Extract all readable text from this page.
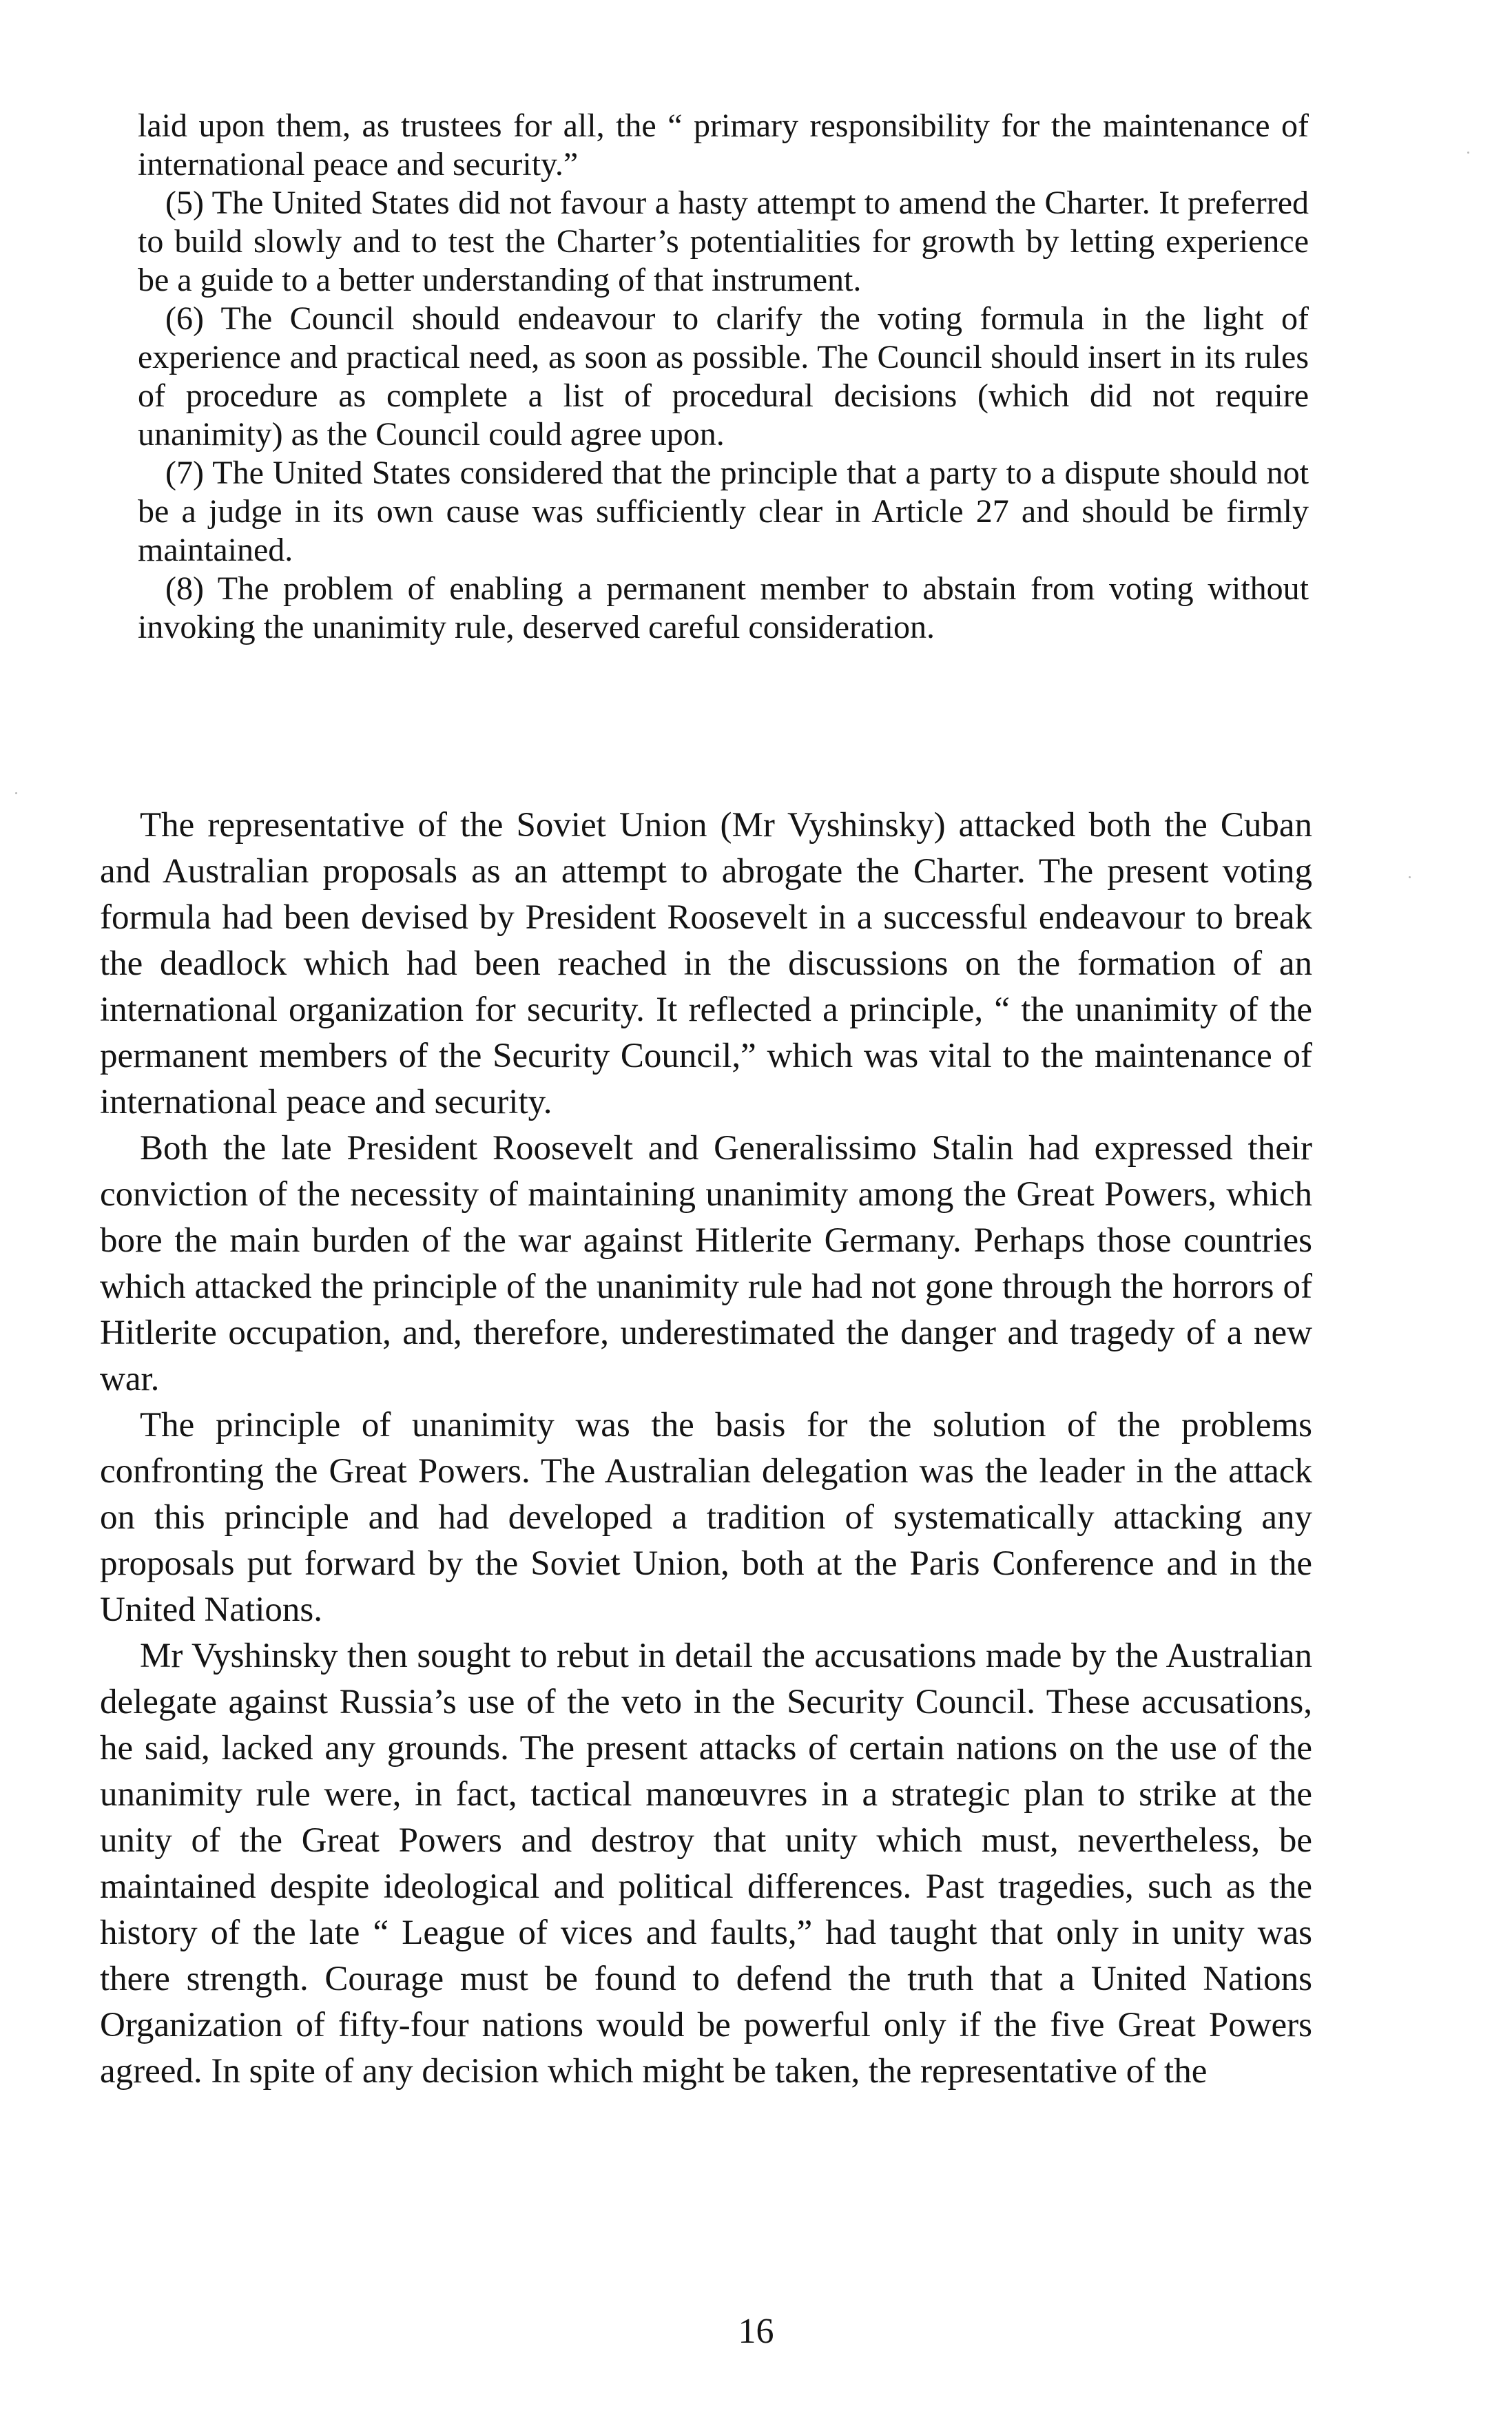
laid upon them, as trustees for all, the “ primary responsibility for the maintenance of international peace and security.”

(5) The United States did not favour a hasty attempt to amend the Charter. It preferred to build slowly and to test the Charter’s potentialities for growth by letting experience be a guide to a better understanding of that instrument.

(6) The Council should endeavour to clarify the voting formula in the light of experience and practical need, as soon as possible. The Council should insert in its rules of procedure as complete a list of procedural decisions (which did not require unanimity) as the Council could agree upon.

(7) The United States considered that the principle that a party to a dispute should not be a judge in its own cause was sufficiently clear in Article 27 and should be firmly maintained.

(8) The problem of enabling a permanent member to abstain from voting without invoking the unanimity rule, deserved careful consideration.

The representative of the Soviet Union (Mr Vyshinsky) attacked both the Cuban and Australian proposals as an attempt to abrogate the Charter. The present voting formula had been devised by President Roosevelt in a successful endeavour to break the deadlock which had been reached in the discussions on the formation of an international organization for security. It reflected a principle, “ the unanimity of the permanent members of the Security Council,” which was vital to the maintenance of international peace and security.

Both the late President Roosevelt and Generalissimo Stalin had expressed their conviction of the necessity of maintaining unanimity among the Great Powers, which bore the main burden of the war against Hitlerite Germany. Perhaps those countries which attacked the principle of the unanimity rule had not gone through the horrors of Hitlerite occupation, and, therefore, underestimated the danger and tragedy of a new war.

The principle of unanimity was the basis for the solution of the problems confronting the Great Powers. The Australian delegation was the leader in the attack on this principle and had developed a tradition of systematically attacking any proposals put forward by the Soviet Union, both at the Paris Conference and in the United Nations.

Mr Vyshinsky then sought to rebut in detail the accusations made by the Australian delegate against Russia’s use of the veto in the Security Council. These accusations, he said, lacked any grounds. The present attacks of certain nations on the use of the unanimity rule were, in fact, tactical manœuvres in a strategic plan to strike at the unity of the Great Powers and destroy that unity which must, nevertheless, be maintained despite ideological and political differences. Past tragedies, such as the history of the late “ League of vices and faults,” had taught that only in unity was there strength. Courage must be found to defend the truth that a United Nations Organization of fifty-four nations would be powerful only if the five Great Powers agreed. In spite of any decision which might be taken, the representative of the

16
